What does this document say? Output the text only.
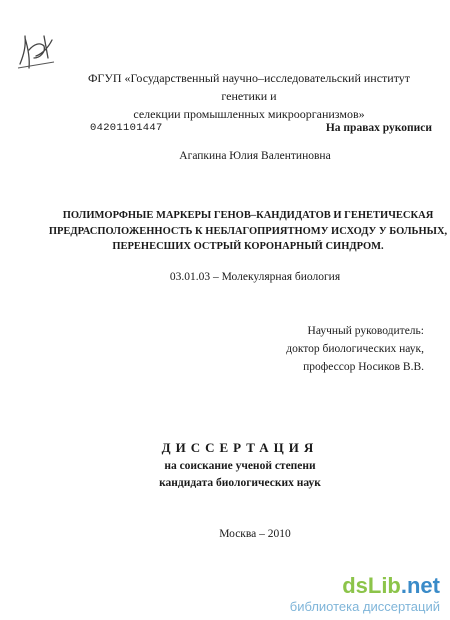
ФГУП «Государственный научно–исследовательский институт генетики и
селекции промышленных микроорганизмов»
04201101447	На правах рукописи
Агапкина Юлия Валентиновна
ПОЛИМОРФНЫЕ МАРКЕРЫ ГЕНОВ–КАНДИДАТОВ И ГЕНЕТИЧЕСКАЯ
ПРЕДРАСПОЛОЖЕННОСТЬ К НЕБЛАГОПРИЯТНОМУ ИСХОДУ У БОЛЬНЫХ,
ПЕРЕНЕСШИХ ОСТРЫЙ КОРОНАРНЫЙ СИНДРОМ.
03.01.03 – Молекулярная биология
Научный руководитель:
доктор биологических наук,
профессор Носиков В.В.
ДИССЕРТАЦИЯ
на соискание ученой степени
кандидата биологических наук
Москва – 2010
dsLib.net
библиотека диссертаций
